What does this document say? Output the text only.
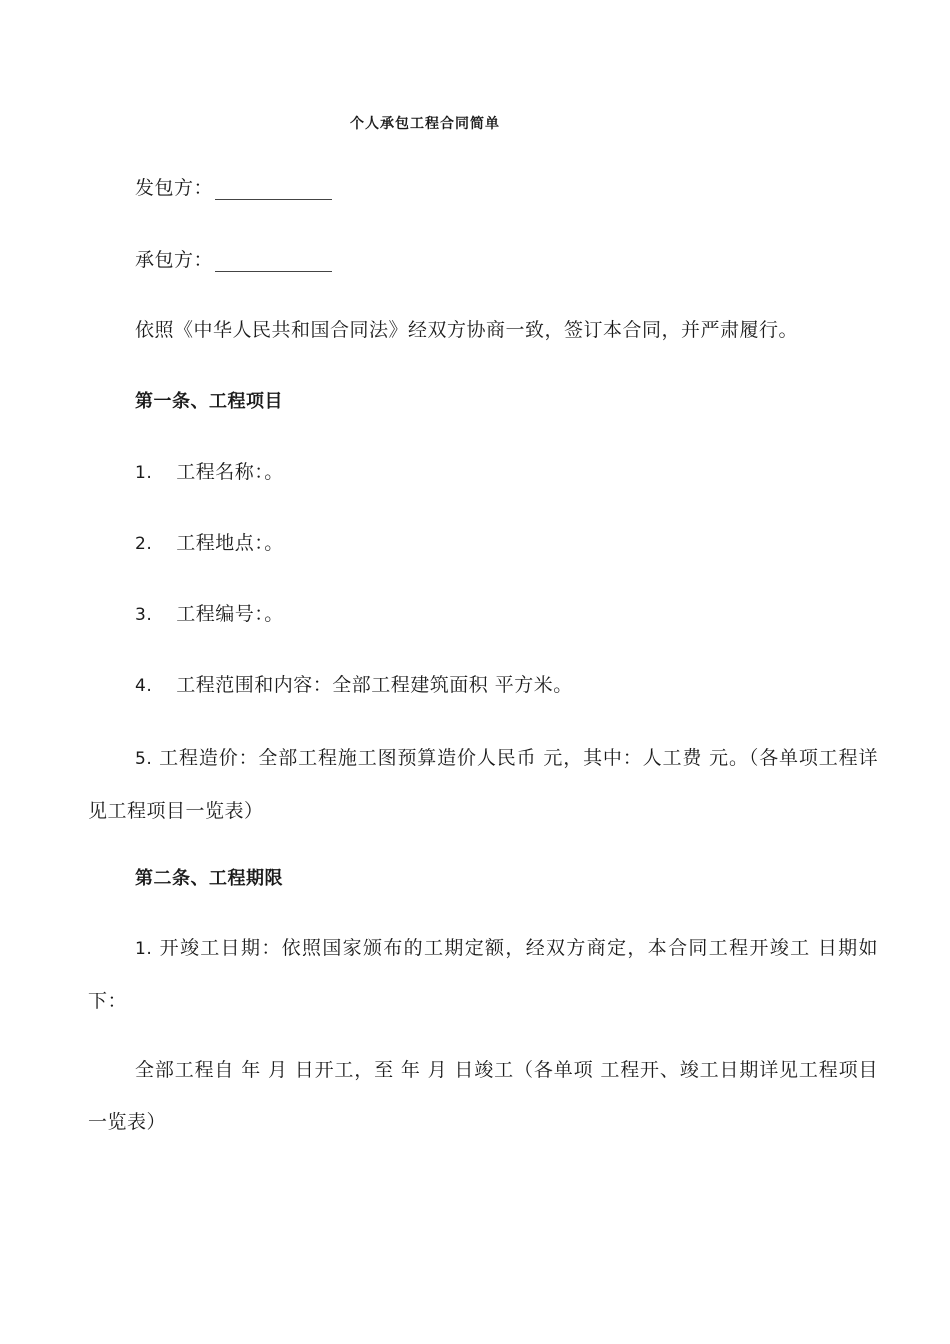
个人承包工程合同简单
发包方：
承包方：
依照《中华人民共和国合同法》经双方协商一致，签订本合同，并严肃履行。
第一条、工程项目
1. 工程名称：。
2. 工程地点：。
3. 工程编号：。
4. 工程范围和内容：全部工程建筑面积 平方米。
5. 工程造价：全部工程施工图预算造价人民币 元，其中：人工费 元。（各单项工程详见工程项目一览表）
第二条、工程期限
1. 开竣工日期：依照国家颁布的工期定额，经双方商定，本合同工程开竣工 日期如下：
全部工程自 年 月 日开工，至 年 月 日竣工（各单项 工程开、竣工日期详见工程项目一览表）
